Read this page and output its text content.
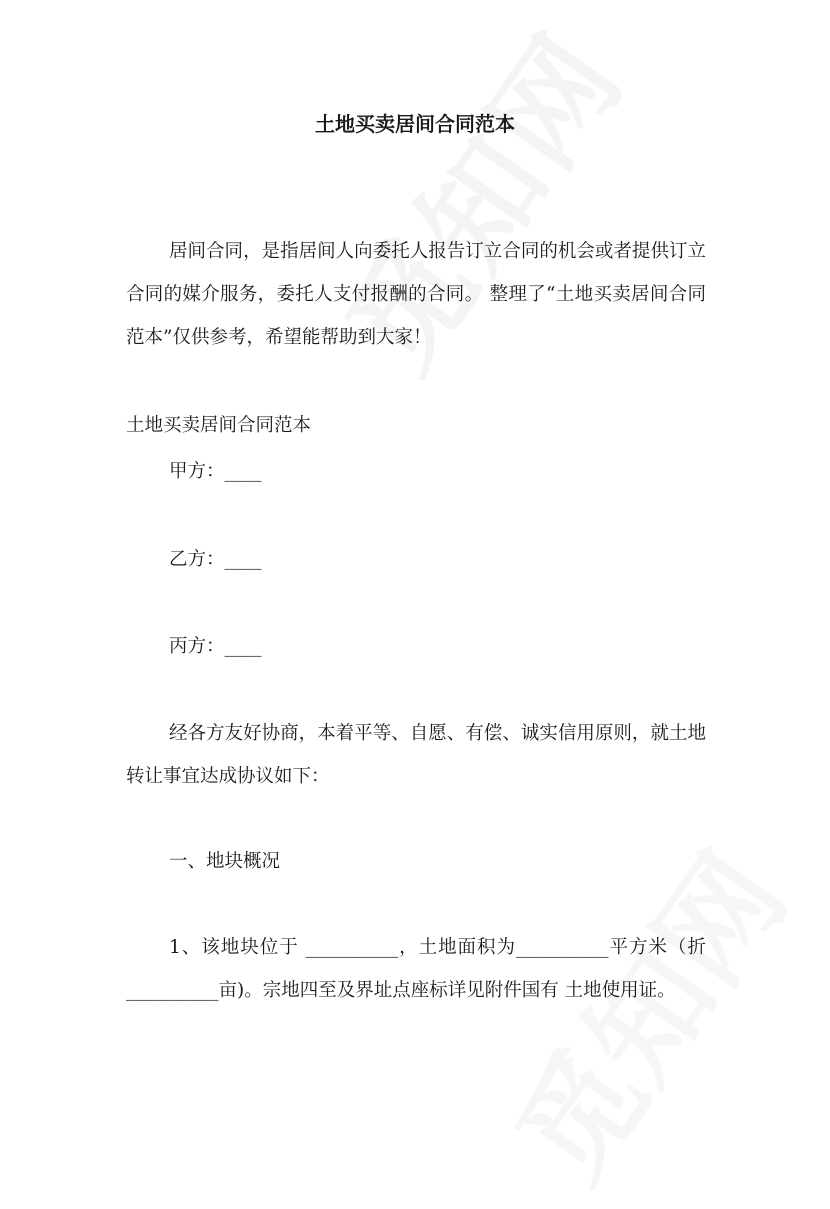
土地买卖居间合同范本
居间合同，是指居间人向委托人报告订立合同的机会或者提供订立合同的媒介服务，委托人支付报酬的合同。 整理了“土地买卖居间合同范本”仅供参考，希望能帮助到大家！
土地买卖居间合同范本
甲方：____
乙方：____
丙方：____
经各方友好协商，本着平等、自愿、有偿、诚实信用原则，就土地转让事宜达成协议如下：
一、地块概况
1、该地块位于 __________，土地面积为__________平方米（折__________亩)。宗地四至及界址点座标详见附件国有 土地使用证。
